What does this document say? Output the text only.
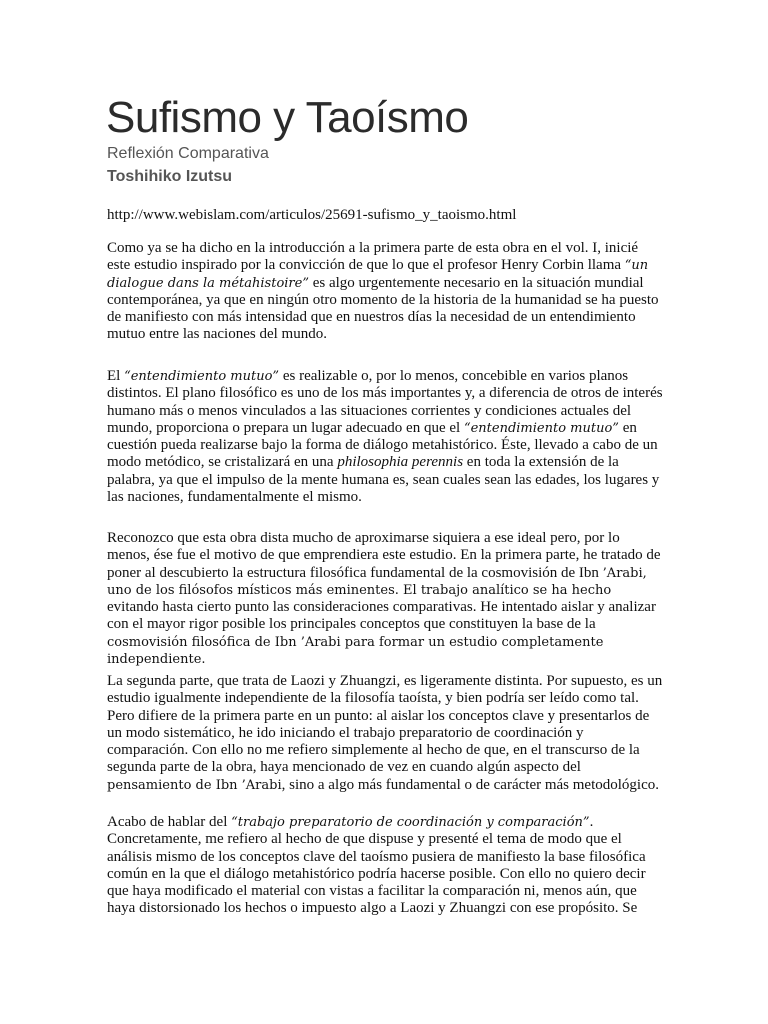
Sufismo y Taoísmo
Reflexión Comparativa
Toshihiko Izutsu
http://www.webislam.com/articulos/25691-sufismo_y_taoismo.html

Como ya se ha dicho en la introducción a la primera parte de esta obra en el vol. I, inicié este estudio inspirado por la convicción de que lo que el profesor Henry Corbin llama “un dialogue dans la métahistoire” es algo urgentemente necesario en la situación mundial contemporánea, ya que en ningún otro momento de la historia de la humanidad se ha puesto de manifiesto con más intensidad que en nuestros días la necesidad de un entendimiento mutuo entre las naciones del mundo.

El “entendimiento mutuo” es realizable o, por lo menos, concebible en varios planos distintos. El plano filosófico es uno de los más importantes y, a diferencia de otros de interés humano más o menos vinculados a las situaciones corrientes y condiciones actuales del mundo, proporciona o prepara un lugar adecuado en que el “entendimiento mutuo” en cuestión pueda realizarse bajo la forma de diálogo metahistórico. Éste, llevado a cabo de un modo metódico, se cristalizará en una philosophia perennis en toda la extensión de la palabra, ya que el impulso de la mente humana es, sean cuales sean las edades, los lugares y las naciones, fundamentalmente el mismo.

Reconozco que esta obra dista mucho de aproximarse siquiera a ese ideal pero, por lo menos, ése fue el motivo de que emprendiera este estudio. En la primera parte, he tratado de poner al descubierto la estructura filosófica fundamental de la cosmovisión de Ibn ’Arabi, uno de los filósofos místicos más eminentes. El trabajo analítico se ha hecho evitando hasta cierto punto las consideraciones comparativas. He intentado aislar y analizar con el mayor rigor posible los principales conceptos que constituyen la base de la cosmovisión filosófica de Ibn ’Arabi para formar un estudio completamente independiente.

La segunda parte, que trata de Laozi y Zhuangzi, es ligeramente distinta. Por supuesto, es un estudio igualmente independiente de la filosofía taoísta, y bien podría ser leído como tal. Pero difiere de la primera parte en un punto: al aislar los conceptos clave y presentarlos de un modo sistemático, he ido iniciando el trabajo preparatorio de coordinación y comparación. Con ello no me refiero simplemente al hecho de que, en el transcurso de la segunda parte de la obra, haya mencionado de vez en cuando algún aspecto del pensamiento de Ibn ’Arabi, sino a algo más fundamental o de carácter más metodológico.

Acabo de hablar del “trabajo preparatorio de coordinación y comparación”. Concretamente, me refiero al hecho de que dispuse y presenté el tema de modo que el análisis mismo de los conceptos clave del taoísmo pusiera de manifiesto la base filosófica común en la que el diálogo metahistórico podría hacerse posible. Con ello no quiero decir que haya modificado el material con vistas a facilitar la comparación ni, menos aún, que haya distorsionado los hechos o impuesto algo a Laozi y Zhuangzi con ese propósito. Se
